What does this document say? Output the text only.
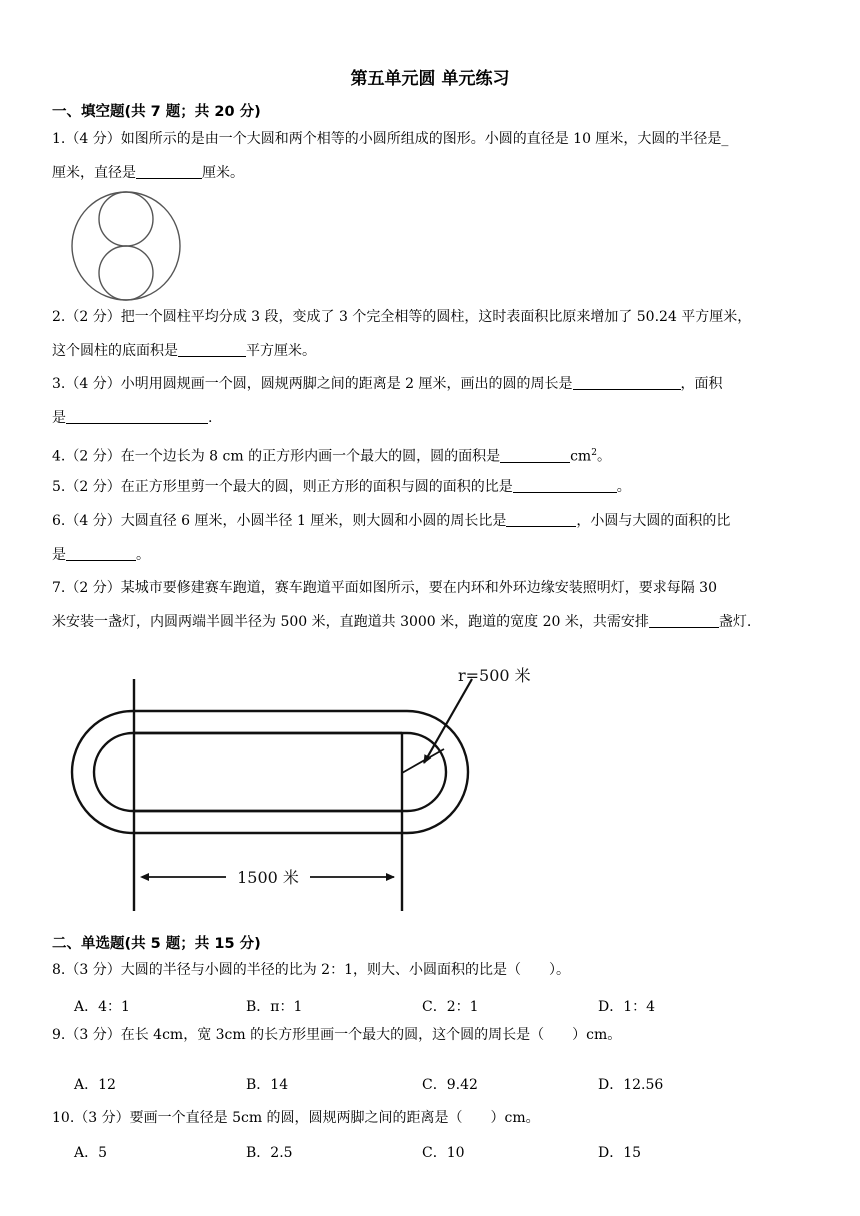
第五单元圆 单元练习
一、填空题(共 7 题；共 20 分)
1.（4 分）如图所示的是由一个大圆和两个相等的小圆所组成的图形。小圆的直径是 10 厘米，大圆的半径是_
厘米，直径是	厘米。
2.（2 分）把一个圆柱平均分成 3 段，变成了 3 个完全相等的圆柱，这时表面积比原来增加了 50.24 平方厘米，
这个圆柱的底面积是	平方厘米。
3.（4 分）小明用圆规画一个圆，圆规两脚之间的距离是 2 厘米，画出的圆的周长是	，面积
是	.
4.（2 分）在一个边长为 8 cm 的正方形内画一个最大的圆，圆的面积是	$cm^2$。
5.（2 分）在正方形里剪一个最大的圆，则正方形的面积与圆的面积的比是	。
6.（4 分）大圆直径 6 厘米，小圆半径 1 厘米，则大圆和小圆的周长比是	，小圆与大圆的面积的比
是	。
7.（2 分）某城市要修建赛车跑道，赛车跑道平面如图所示，要在内环和外环边缘安装照明灯，要求每隔 30
米安装一盏灯，内圆两端半圆半径为 500 米，直跑道共 3000 米，跑道的宽度 20 米，共需安排	盏灯.
r=500 米
1500 米
二、单选题(共 5 题；共 15 分)
8.（3 分）大圆的半径与小圆的半径的比为 2：1，则大、小圆面积的比是（　　）。
A．4：1	B．π：1	C．2：1	D．1：4
9.（3 分）在长 4cm，宽 3cm 的长方形里画一个最大的圆，这个圆的周长是（　　）cm。
A．12	B．14	C．9.42	D．12.56
10.（3 分）要画一个直径是 5cm 的圆，圆规两脚之间的距离是（　　）cm。
A．5	B．2.5	C．10	D．15
